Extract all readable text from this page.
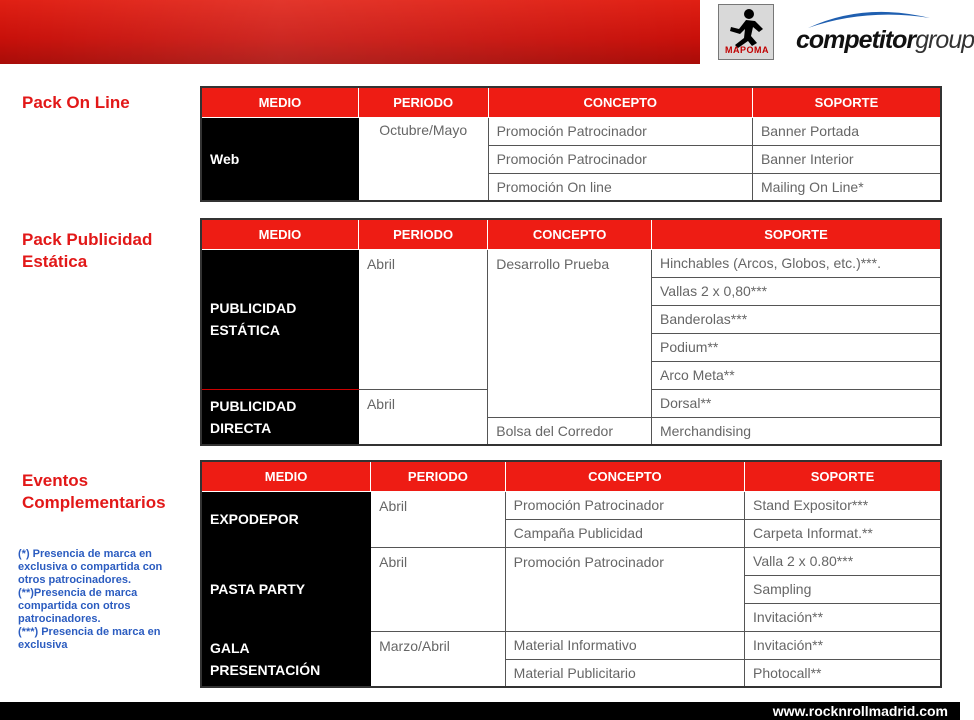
MAPOMA competitorgroup
Pack On Line
Pack Publicidad
Estática
Eventos
Complementarios
MEDIO	PERIODO	CONCEPTO	SOPORTE
Web	Octubre/Mayo	Promoción Patrocinador	Banner Portada
		Promoción Patrocinador	Banner Interior
		Promoción On line	Mailing On Line*
MEDIO	PERIODO	CONCEPTO	SOPORTE

PUBLICIDAD
ESTÁTICA	Abril	Desarrollo Prueba	Hinchables (Arcos, Globos, etc.)***.
			Vallas 2 x 0,80***
			Banderolas***
			Podium**
			Arco Meta**

PUBLICIDAD
DIRECTA	Abril		Dorsal**
		Bolsa del Corredor	Merchandising
MEDIO	PERIODO	CONCEPTO	SOPORTE
EXPODEPOR	Abril	Promoción Patrocinador	Stand Expositor***
		Campaña Publicidad	Carpeta Informat.**
PASTA PARTY	Abril	Promoción Patrocinador	Valla 2 x 0.80***
			Sampling
			Invitación**

GALA
PRESENTACIÓN	Marzo/Abril	Material Informativo	Invitación**
		Material Publicitario	Photocall**

(*) Presencia de marca en exclusiva o compartida con otros patrocinadores.

(**)Presencia de marca compartida con otros patrocinadores.

(***) Presencia de marca en exclusiva

www.rocknrollmadrid.com
